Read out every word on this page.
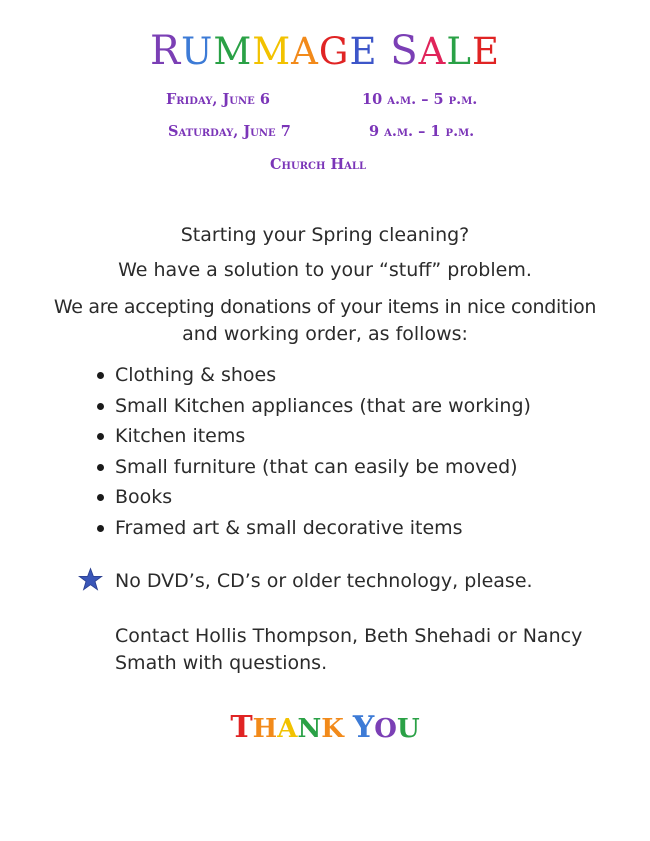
RUMMAGE SALE
Friday, June 6	10 a.m. – 5 p.m.
Saturday, June 7	9 a.m. – 1 p.m.
Church Hall
Starting your Spring cleaning?
We have a solution to your “stuff” problem.
We are accepting donations of your items in nice condition
and working order, as follows:
Clothing & shoes
Small Kitchen appliances (that are working)
Kitchen items
Small furniture (that can easily be moved)
Books
Framed art & small decorative items
No DVD’s, CD’s or older technology, please.
Contact Hollis Thompson, Beth Shehadi or Nancy
Smath with questions.
THANK YOU
